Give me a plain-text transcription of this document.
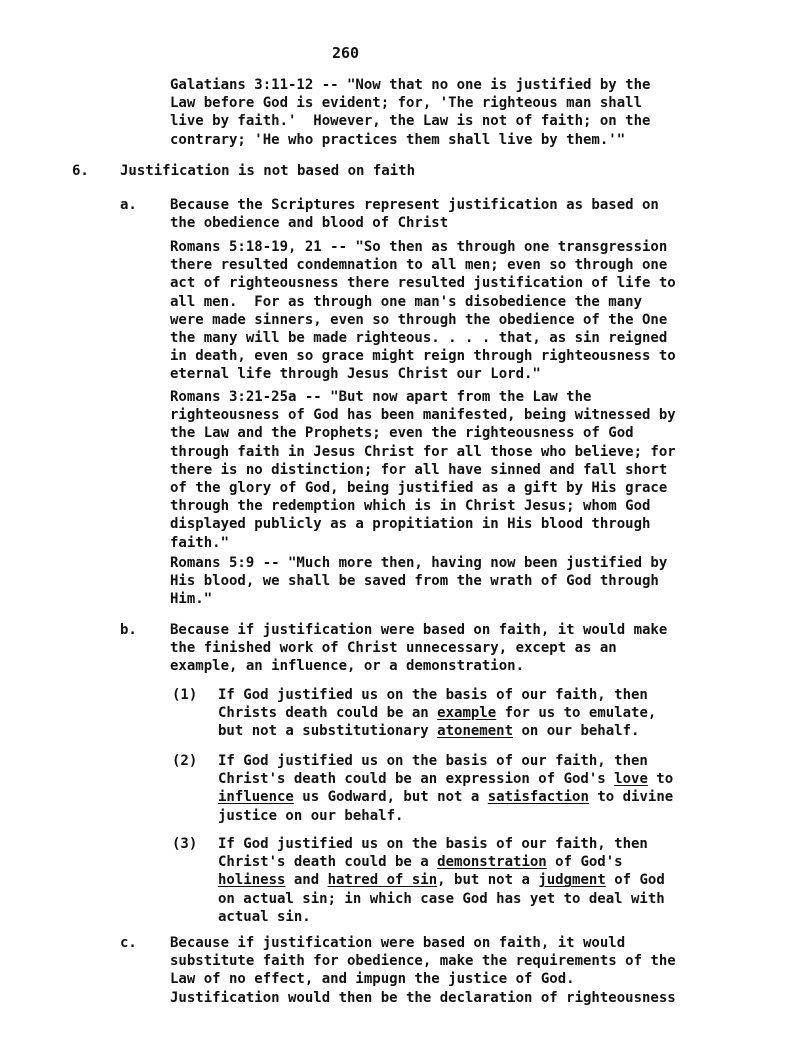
260
Galatians 3:11-12 -- "Now that no one is justified by the
Law before God is evident; for, 'The righteous man shall
live by faith.'  However, the Law is not of faith; on the
contrary; 'He who practices them shall live by them.'"
6. Justification is not based on faith
a. Because the Scriptures represent justification as based on
the obedience and blood of Christ
Romans 5:18-19, 21 -- "So then as through one transgression
there resulted condemnation to all men; even so through one
act of righteousness there resulted justification of life to
all men.  For as through one man's disobedience the many
were made sinners, even so through the obedience of the One
the many will be made righteous. . . . that, as sin reigned
in death, even so grace might reign through righteousness to
eternal life through Jesus Christ our Lord."
Romans 3:21-25a -- "But now apart from the Law the
righteousness of God has been manifested, being witnessed by
the Law and the Prophets; even the righteousness of God
through faith in Jesus Christ for all those who believe; for
there is no distinction; for all have sinned and fall short
of the glory of God, being justified as a gift by His grace
through the redemption which is in Christ Jesus; whom God
displayed publicly as a propitiation in His blood through
faith."
Romans 5:9 -- "Much more then, having now been justified by
His blood, we shall be saved from the wrath of God through
Him."
b. Because if justification were based on faith, it would make
the finished work of Christ unnecessary, except as an
example, an influence, or a demonstration.
(1) If God justified us on the basis of our faith, then
Christs death could be an example for us to emulate,
but not a substitutionary atonement on our behalf.
(2) If God justified us on the basis of our faith, then
Christ's death could be an expression of God's love to
influence us Godward, but not a satisfaction to divine
justice on our behalf.
(3) If God justified us on the basis of our faith, then
Christ's death could be a demonstration of God's
holiness and hatred of sin, but not a judgment of God
on actual sin; in which case God has yet to deal with
actual sin.
c. Because if justification were based on faith, it would
substitute faith for obedience, make the requirements of the
Law of no effect, and impugn the justice of God.
Justification would then be the declaration of righteousness
